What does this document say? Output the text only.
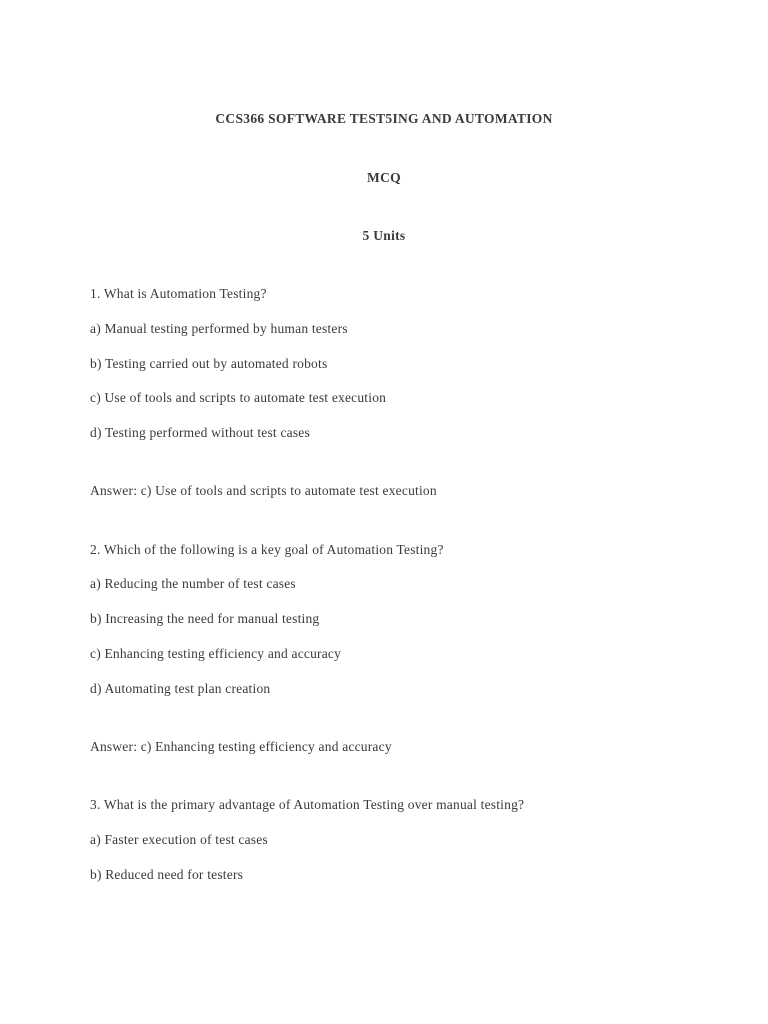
CCS366 SOFTWARE TEST5ING AND AUTOMATION
MCQ
5 Units
1. What is Automation Testing?
a) Manual testing performed by human testers
b) Testing carried out by automated robots
c) Use of tools and scripts to automate test execution
d) Testing performed without test cases
Answer: c) Use of tools and scripts to automate test execution
2. Which of the following is a key goal of Automation Testing?
a) Reducing the number of test cases
b) Increasing the need for manual testing
c) Enhancing testing efficiency and accuracy
d) Automating test plan creation
Answer: c) Enhancing testing efficiency and accuracy
3. What is the primary advantage of Automation Testing over manual testing?
a) Faster execution of test cases
b) Reduced need for testers
